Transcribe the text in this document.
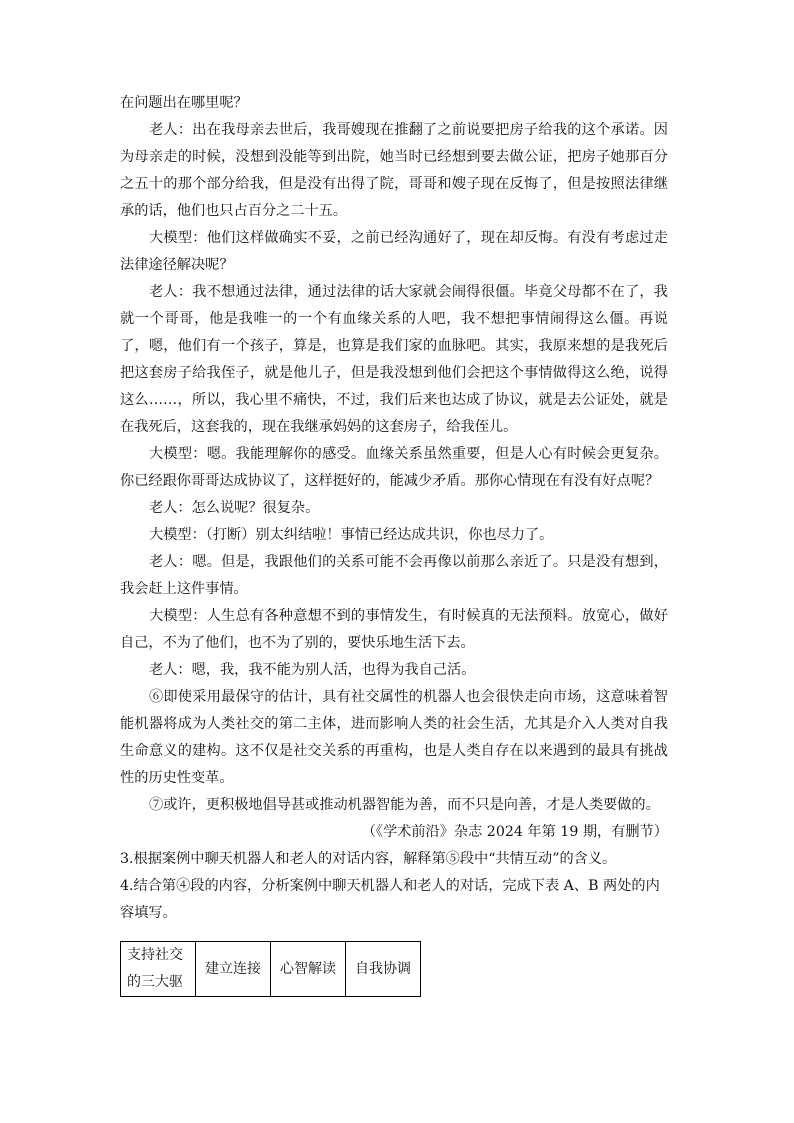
在问题出在哪里呢？

老人：出在我母亲去世后，我哥嫂现在推翻了之前说要把房子给我的这个承诺。因为母亲走的时候，没想到没能等到出院，她当时已经想到要去做公证，把房子她那百分之五十的那个部分给我，但是没有出得了院，哥哥和嫂子现在反悔了，但是按照法律继承的话，他们也只占百分之二十五。

大模型：他们这样做确实不妥，之前已经沟通好了，现在却反悔。有没有考虑过走法律途径解决呢？

老人：我不想通过法律，通过法律的话大家就会闹得很僵。毕竟父母都不在了，我就一个哥哥，他是我唯一的一个有血缘关系的人吧，我不想把事情闹得这么僵。再说了，嗯，他们有一个孩子，算是，也算是我们家的血脉吧。其实，我原来想的是我死后把这套房子给我侄子，就是他儿子，但是我没想到他们会把这个事情做得这么绝，说得这么……，所以，我心里不痛快，不过，我们后来也达成了协议，就是去公证处，就是在我死后，这套我的，现在我继承妈妈的这套房子，给我侄儿。

大模型：嗯。我能理解你的感受。血缘关系虽然重要，但是人心有时候会更复杂。你已经跟你哥哥达成协议了，这样挺好的，能减少矛盾。那你心情现在有没有好点呢？

老人：怎么说呢？很复杂。

大模型：（打断）别太纠结啦！事情已经达成共识，你也尽力了。

老人：嗯。但是，我跟他们的关系可能不会再像以前那么亲近了。只是没有想到，我会赶上这件事情。

大模型：人生总有各种意想不到的事情发生，有时候真的无法预料。放宽心，做好自己，不为了他们，也不为了别的，要快乐地生活下去。

老人：嗯，我，我不能为别人活，也得为我自己活。

⑥即使采用最保守的估计，具有社交属性的机器人也会很快走向市场，这意味着智能机器将成为人类社交的第二主体，进而影响人类的社会生活，尤其是介入人类对自我生命意义的建构。这不仅是社交关系的再重构，也是人类自存在以来遇到的最具有挑战性的历史性变革。

⑦或许，更积极地倡导甚或推动机器智能为善，而不只是向善，才是人类要做的。

（《学术前沿》杂志 2024 年第 19 期，有删节）

3.根据案例中聊天机器人和老人的对话内容，解释第⑤段中“共情互动”的含义。

4.结合第④段的内容，分析案例中聊天机器人和老人的对话，完成下表 A、B 两处的内容填写。

支持社交的三大驱	建立连接	心智解读	自我协调
